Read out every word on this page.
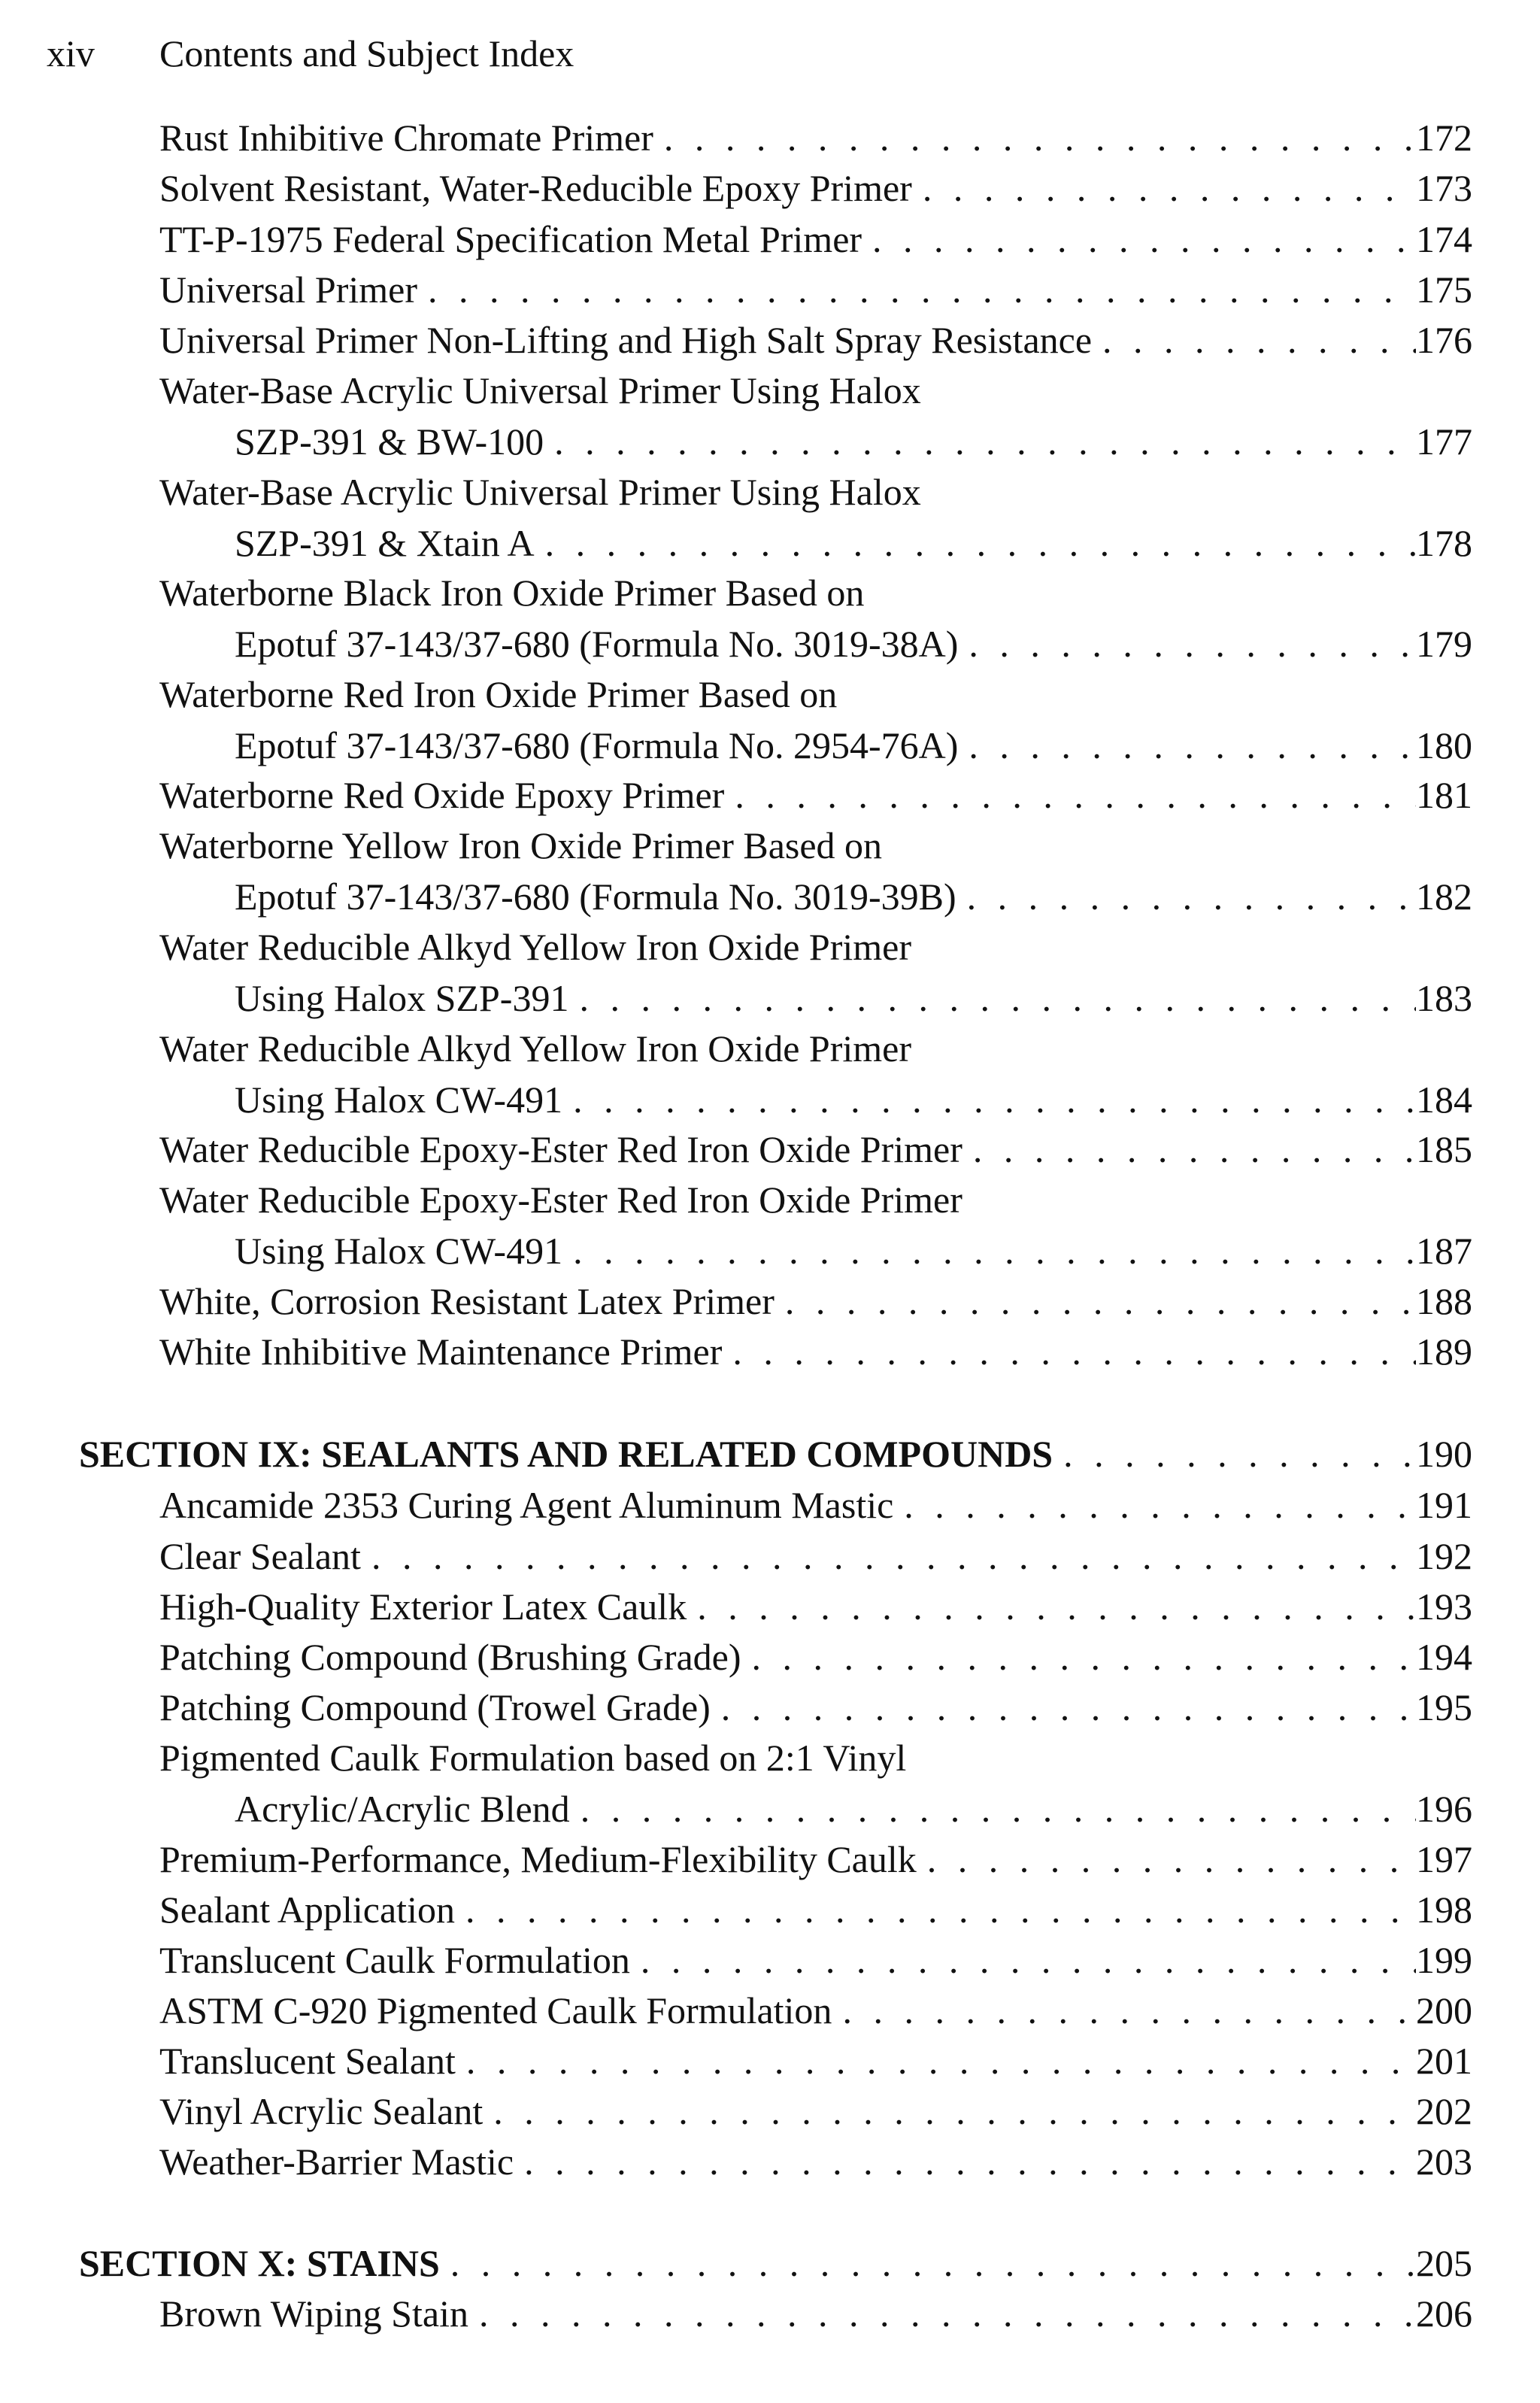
xiv Contents and Subject Index
Rust Inhibitive Chromate Primer . . .	172
Solvent Resistant, Water-Reducible Epoxy Primer . . .	173
TT-P-1975 Federal Specification Metal Primer . . .	174
Universal Primer . . .	175
Universal Primer Non-Lifting and High Salt Spray Resistance . . .	176
Water-Base Acrylic Universal Primer Using Halox
SZP-391 & BW-100 . . .	177
Water-Base Acrylic Universal Primer Using Halox
SZP-391 & Xtain A . . .	178
Waterborne Black Iron Oxide Primer Based on
Epotuf 37-143/37-680 (Formula No. 3019-38A) . . .	179
Waterborne Red Iron Oxide Primer Based on
Epotuf 37-143/37-680 (Formula No. 2954-76A) . . .	180
Waterborne Red Oxide Epoxy Primer . . .	181
Waterborne Yellow Iron Oxide Primer Based on
Epotuf 37-143/37-680 (Formula No. 3019-39B) . . .	182
Water Reducible Alkyd Yellow Iron Oxide Primer
Using Halox SZP-391 . . .	183
Water Reducible Alkyd Yellow Iron Oxide Primer
Using Halox CW-491 . . .	184
Water Reducible Epoxy-Ester Red Iron Oxide Primer . . .	185
Water Reducible Epoxy-Ester Red Iron Oxide Primer
Using Halox CW-491 . . .	187
White, Corrosion Resistant Latex Primer . . .	188
White Inhibitive Maintenance Primer . . .	189
SECTION IX: SEALANTS AND RELATED COMPOUNDS . . .	190
Ancamide 2353 Curing Agent Aluminum Mastic . . .	191
Clear Sealant . . .	192
High-Quality Exterior Latex Caulk . . .	193
Patching Compound (Brushing Grade) . . .	194
Patching Compound (Trowel Grade) . . .	195
Pigmented Caulk Formulation based on 2:1 Vinyl
Acrylic/Acrylic Blend . . .	196
Premium-Performance, Medium-Flexibility Caulk . . .	197
Sealant Application . . .	198
Translucent Caulk Formulation . . .	199
ASTM C-920 Pigmented Caulk Formulation . . .	200
Translucent Sealant . . .	201
Vinyl Acrylic Sealant . . .	202
Weather-Barrier Mastic . . .	203
SECTION X: STAINS . . .	205
Brown Wiping Stain . . .	206
